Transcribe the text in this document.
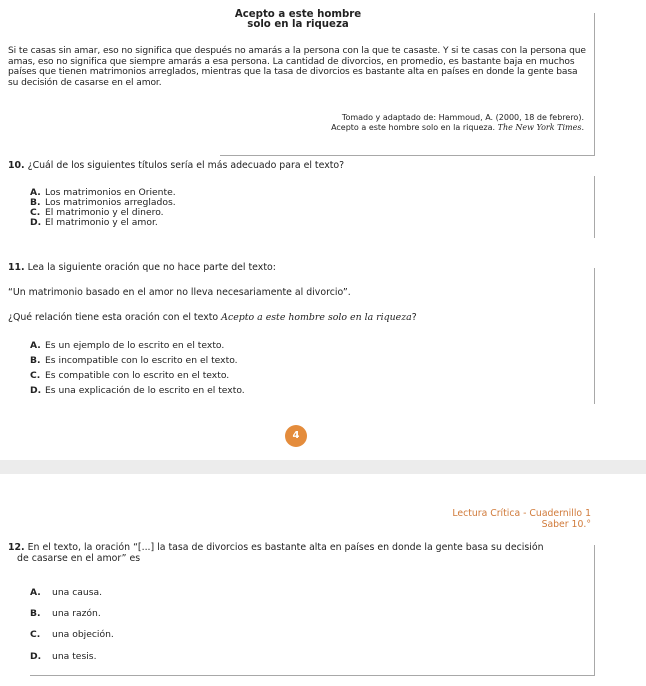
Acepto a este hombre
solo en la riqueza
Si te casas sin amar, eso no significa que después no amarás a la persona con la que te casaste. Y si te casas con la persona que amas, eso no significa que siempre amarás a esa persona. La cantidad de divorcios, en promedio, es bastante baja en muchos países que tienen matrimonios arreglados, mientras que la tasa de divorcios es bastante alta en países en donde la gente basa su decisión de casarse en el amor.
Tomado y adaptado de: Hammoud, A. (2000, 18 de febrero).
Acepto a este hombre solo en la riqueza. The New York Times.
10. ¿Cuál de los siguientes títulos sería el más adecuado para el texto?
A. Los matrimonios en Oriente.
B. Los matrimonios arreglados.
C. El matrimonio y el dinero.
D. El matrimonio y el amor.
11. Lea la siguiente oración que no hace parte del texto:
“Un matrimonio basado en el amor no lleva necesariamente al divorcio”.
¿Qué relación tiene esta oración con el texto Acepto a este hombre solo en la riqueza?
A. Es un ejemplo de lo escrito en el texto.
B. Es incompatible con lo escrito en el texto.
C. Es compatible con lo escrito en el texto.
D. Es una explicación de lo escrito en el texto.
4
Lectura Crítica - Cuadernillo 1
Saber 10.°
12. En el texto, la oración “[...] la tasa de divorcios es bastante alta en países en donde la gente basa su decisión
de casarse en el amor” es
A. una causa.
B. una razón.
C. una objeción.
D. una tesis.
